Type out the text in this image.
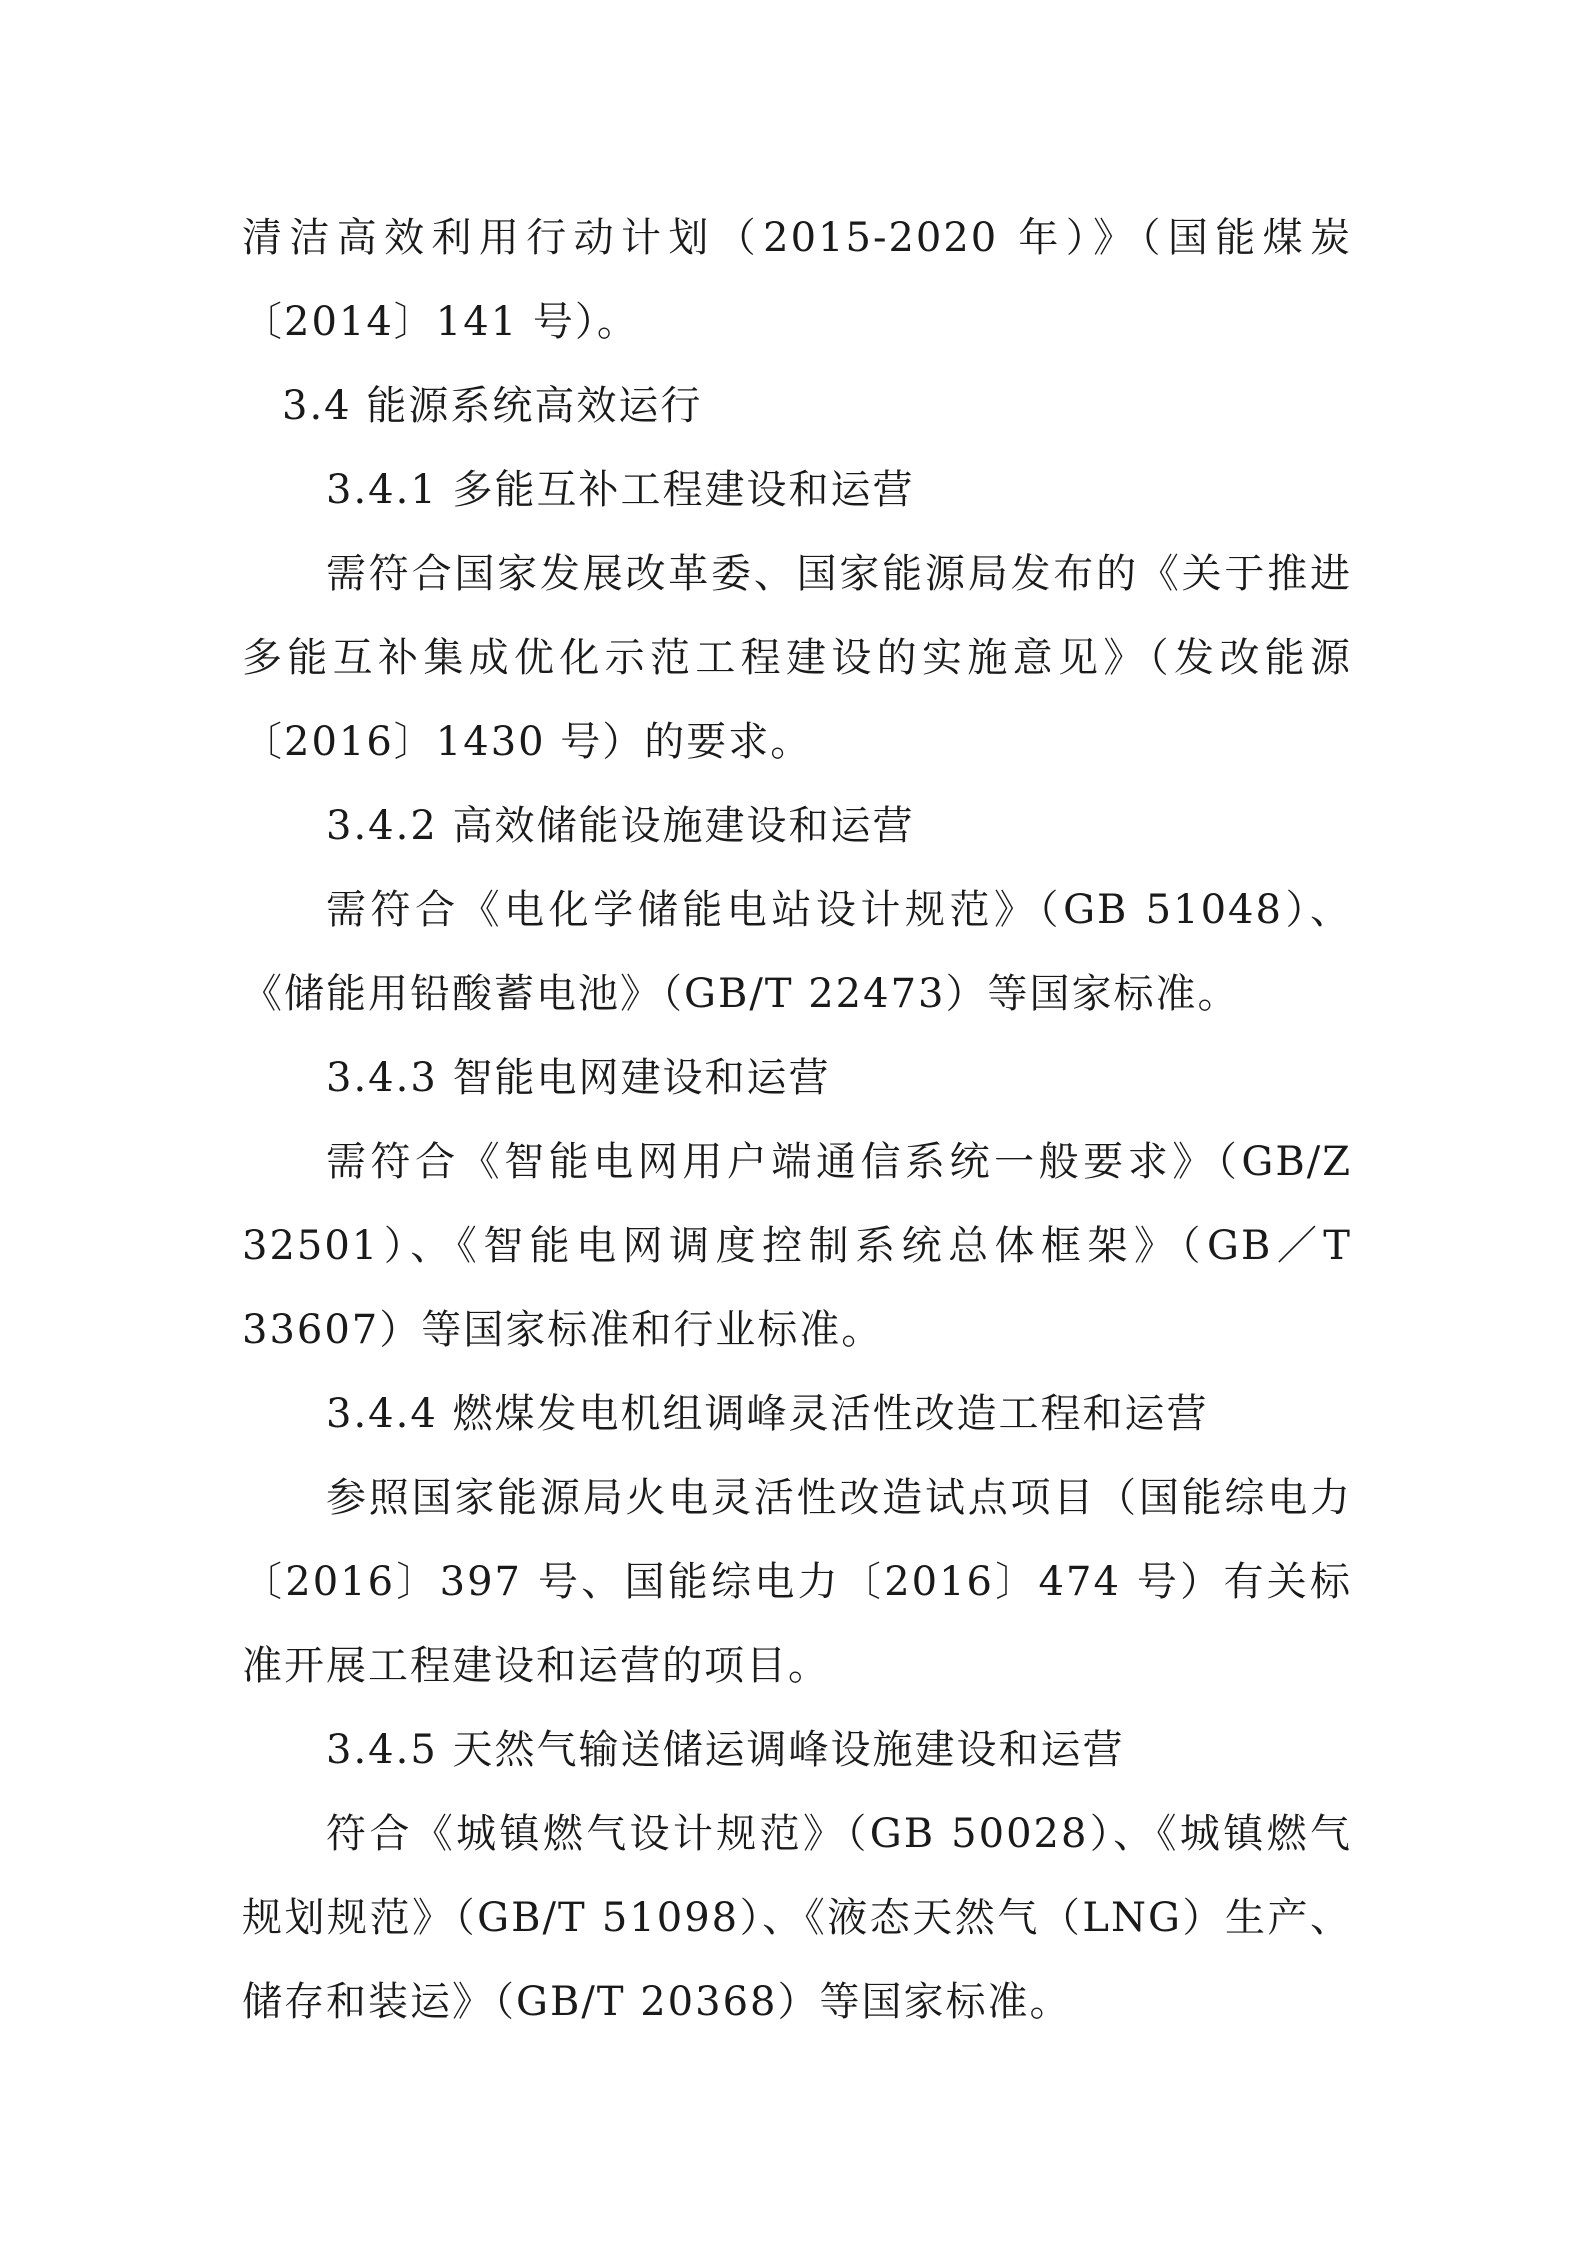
清洁高效利用行动计划（2015-2020 年）》（国能煤炭〔2014〕141 号）。

3.4 能源系统高效运行

3.4.1 多能互补工程建设和运营

需符合国家发展改革委、国家能源局发布的《关于推进多能互补集成优化示范工程建设的实施意见》（发改能源〔2016〕1430 号）的要求。

3.4.2 高效储能设施建设和运营

需符合《电化学储能电站设计规范》（GB 51048）、《储能用铅酸蓄电池》（GB/T 22473）等国家标准。

3.4.3 智能电网建设和运营

需符合《智能电网用户端通信系统一般要求》（GB/Z 32501）、《智能电网调度控制系统总体框架》（GB／T 33607）等国家标准和行业标准。

3.4.4 燃煤发电机组调峰灵活性改造工程和运营

参照国家能源局火电灵活性改造试点项目（国能综电力〔2016〕397 号、国能综电力〔2016〕474 号）有关标准开展工程建设和运营的项目。

3.4.5 天然气输送储运调峰设施建设和运营

符合《城镇燃气设计规范》（GB 50028）、《城镇燃气规划规范》（GB/T 51098）、《液态天然气（LNG）生产、储存和装运》（GB/T 20368）等国家标准。
